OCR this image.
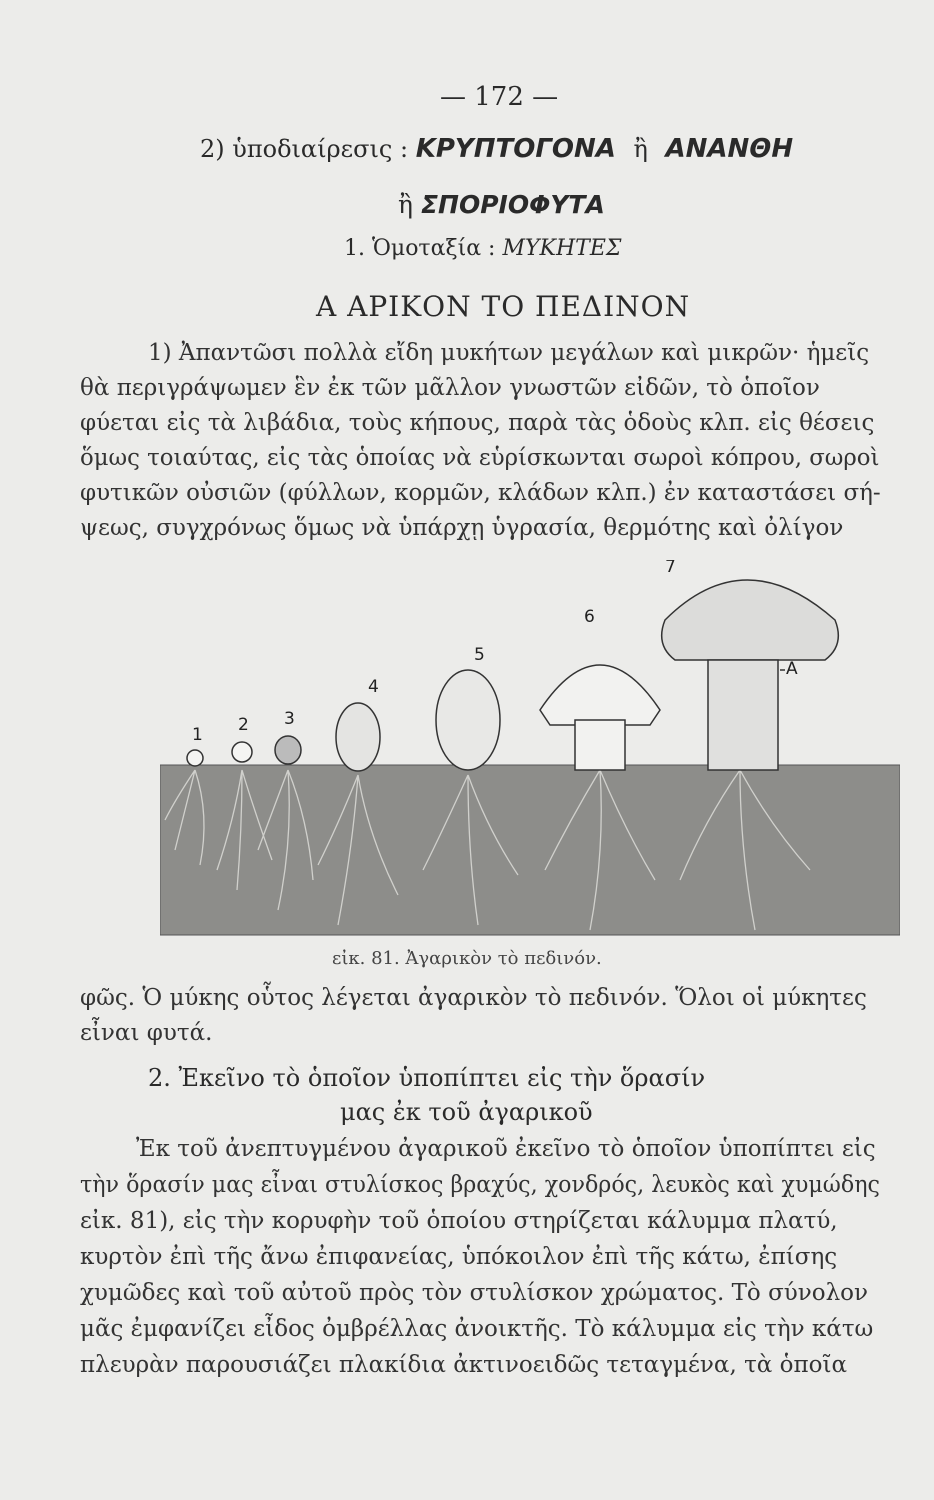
— 172 —
2) ὑποδιαίρεσις : ΚΡΥΠΤΟΓΟΝΑ ἢ ΑΝΑΝΘΗ
ἢ ΣΠΟΡΙΟΦΥΤΑ
1. Ὁμοταξία : ΜΥΚΗΤΕΣ
Α ΑΡΙΚΟΝ ΤΟ ΠΕΔΙΝΟΝ
1) Ἀπαντῶσι πολλὰ εἴδη μυκήτων μεγάλων καὶ μικρῶν· ἡμεῖς
θὰ περιγράψωμεν ἓν ἐκ τῶν μᾶλλον γνωστῶν εἰδῶν, τὸ ὁποῖον
φύεται εἰς τὰ λιβάδια, τοὺς κήπους, παρὰ τὰς ὁδοὺς κλπ. εἰς θέσεις
ὅμως τοιαύτας, εἰς τὰς ὁποίας νὰ εὑρίσκωνται σωροὶ κόπρου, σωροὶ
φυτικῶν οὐσιῶν (φύλλων, κορμῶν, κλάδων κλπ.) ἐν καταστάσει σή-
ψεως, συγχρόνως ὅμως νὰ ὑπάρχῃ ὑγρασία, θερμότης καὶ ὀλίγον
1 2 3
4
5
6
7
A
εἰκ. 81. Ἀγαρικὸν τὸ πεδινόν.
φῶς. Ὁ μύκης οὗτος λέγεται ἀγαρικὸν τὸ πεδινόν. Ὅλοι οἱ μύκητες
εἶναι φυτά.
2. Ἐκεῖνο τὸ ὁποῖον ὑποπίπτει εἰς τὴν ὅρασίν
μας ἐκ τοῦ ἀγαρικοῦ
Ἐκ τοῦ ἀνεπτυγμένου ἀγαρικοῦ ἐκεῖνο τὸ ὁποῖον ὑποπίπτει εἰς
τὴν ὅρασίν μας εἶναι στυλίσκος βραχύς, χονδρός, λευκὸς καὶ χυμώδης
εἰκ. 81), εἰς τὴν κορυφὴν τοῦ ὁποίου στηρίζεται κάλυμμα πλατύ,
κυρτὸν ἐπὶ τῆς ἄνω ἐπιφανείας, ὑπόκοιλον ἐπὶ τῆς κάτω, ἐπίσης
χυμῶδες καὶ τοῦ αὐτοῦ πρὸς τὸν στυλίσκον χρώματος. Τὸ σύνολον
μᾶς ἐμφανίζει εἶδος ὀμβρέλλας ἀνοικτῆς. Τὸ κάλυμμα εἰς τὴν κάτω
πλευρὰν παρουσιάζει πλακίδια ἀκτινοειδῶς τεταγμένα, τὰ ὁποῖα
